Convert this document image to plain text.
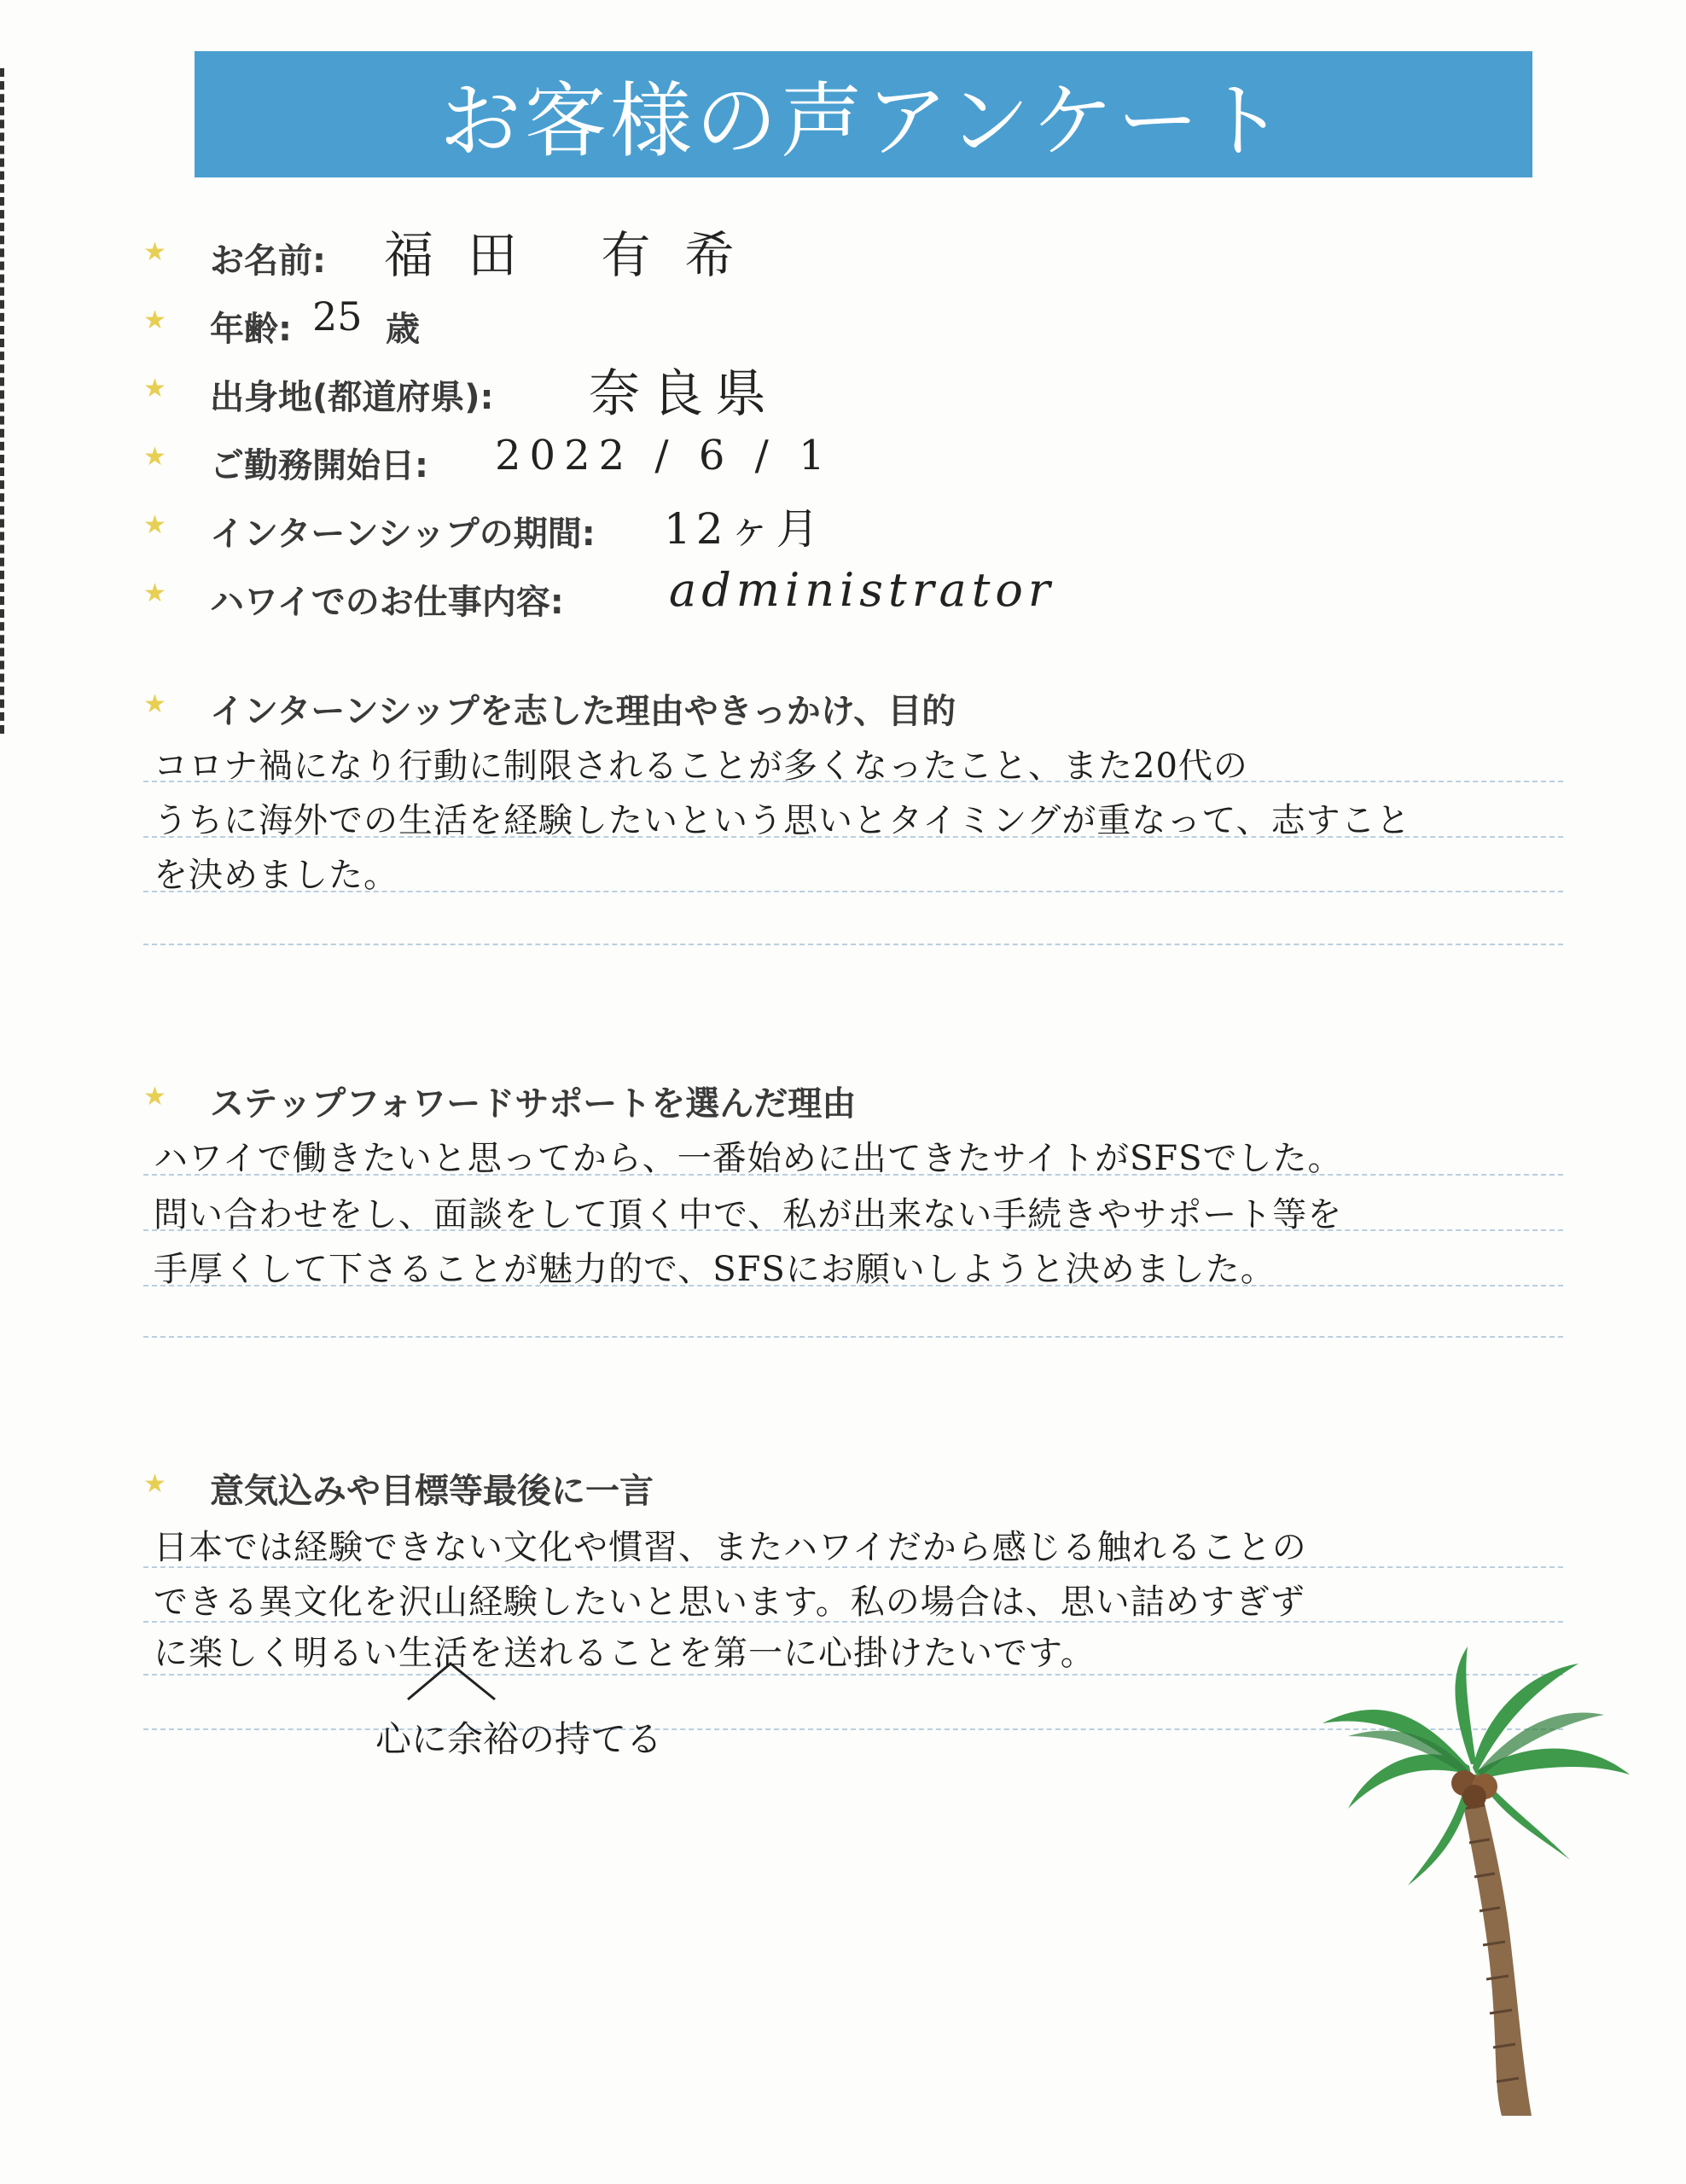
お客様の声アンケート
★ お名前: 福田 有希
★ 年齢: 25 歳
★ 出身地(都道府県): 奈良県
★ ご勤務開始日: 2022 / 6 / 1
★ インターンシップの期間: 12ヶ月
★ ハワイでのお仕事内容: administrator
★ インターンシップを志した理由やきっかけ、目的
コロナ禍になり行動に制限されることが多くなったこと、また20代の
うちに海外での生活を経験したいという思いとタイミングが重なって、志すこと
を決めました。
★ ステップフォワードサポートを選んだ理由
ハワイで働きたいと思ってから、一番始めに出てきたサイトがSFSでした。
問い合わせをし、面談をして頂く中で、私が出来ない手続きやサポート等を
手厚くして下さることが魅力的で、SFSにお願いしようと決めました。
★ 意気込みや目標等最後に一言
日本では経験できない文化や慣習、またハワイだから感じる触れることの
できる異文化を沢山経験したいと思います。私の場合は、思い詰めすぎず
に楽しく明るい生活を送れることを第一に心掛けたいです。
心に余裕の持てる
